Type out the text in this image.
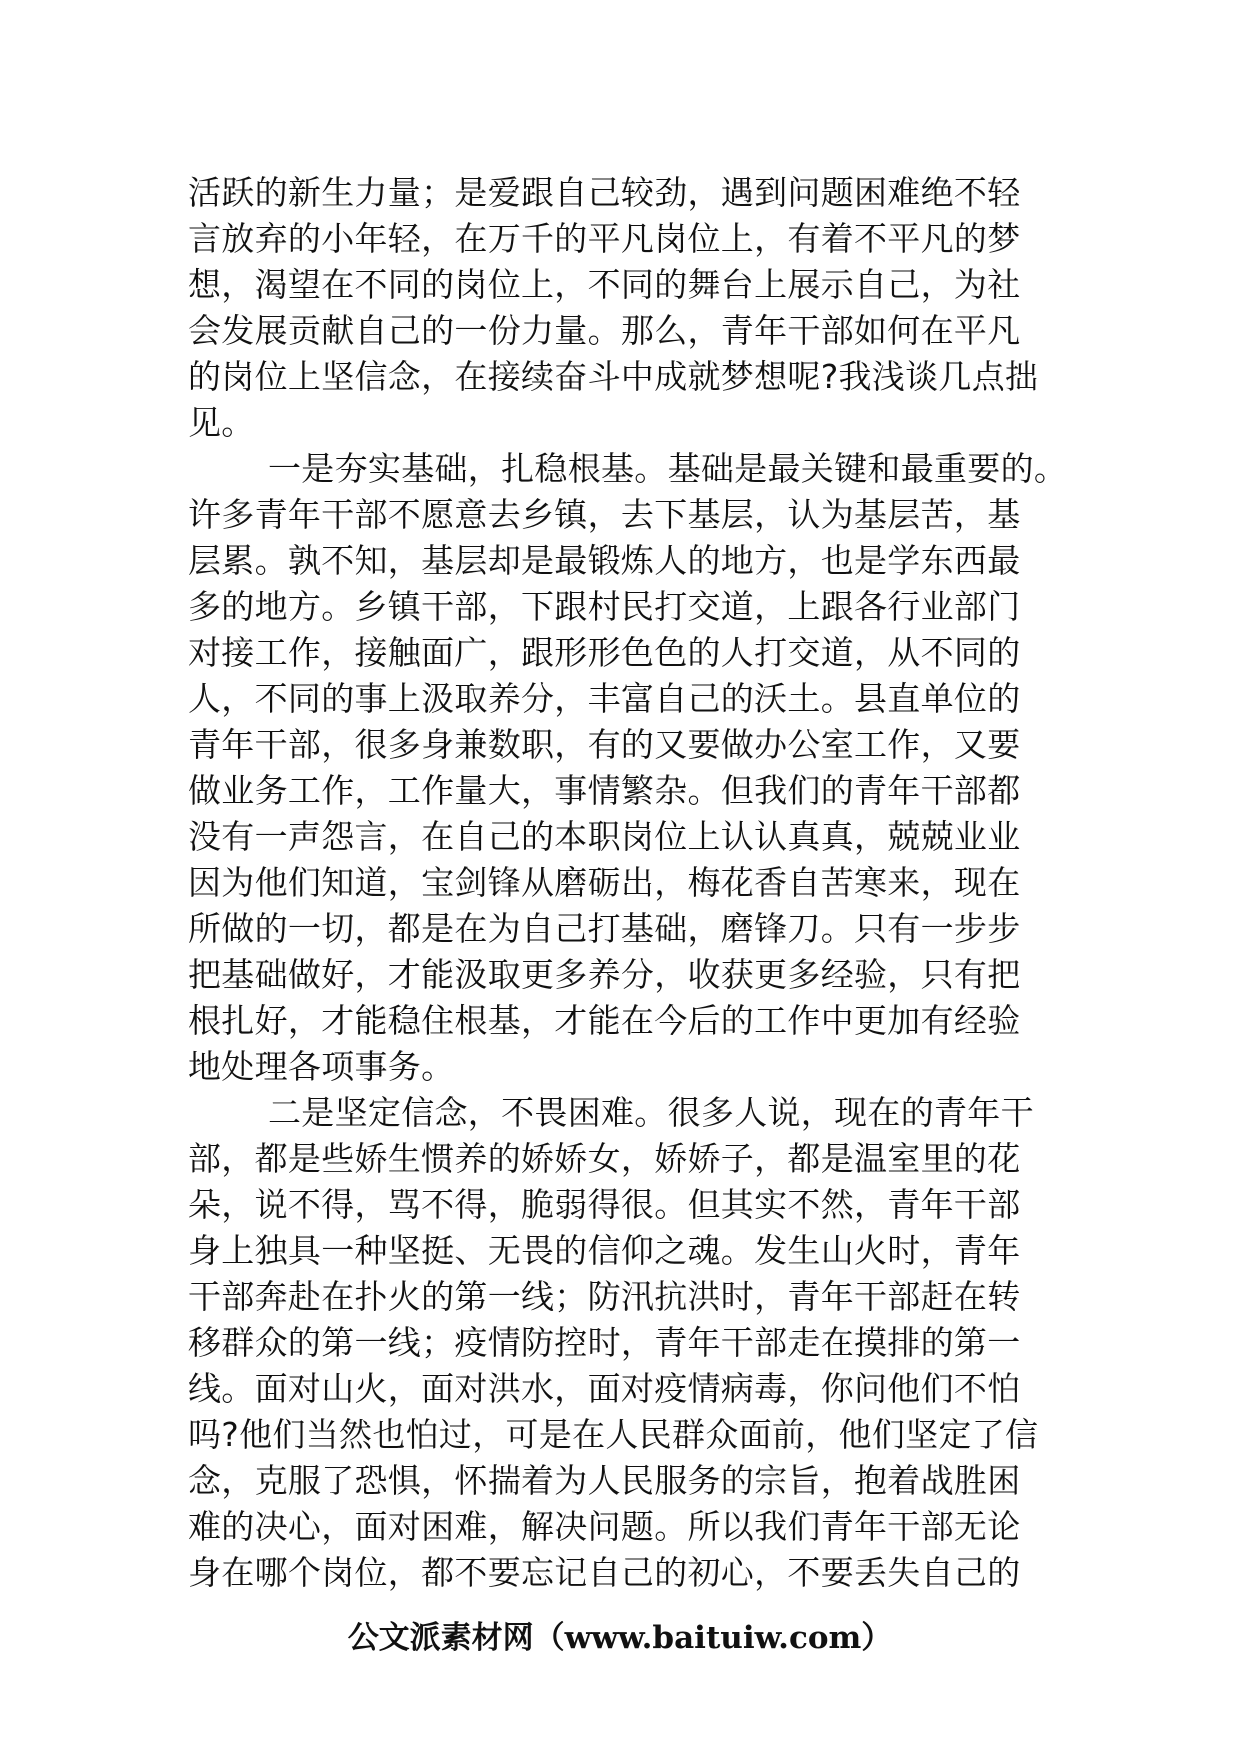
活跃的新生力量；是爱跟自己较劲，遇到问题困难绝不轻
言放弃的小年轻，在万千的平凡岗位上，有着不平凡的梦
想，渴望在不同的岗位上，不同的舞台上展示自己，为社
会发展贡献自己的一份力量。那么，青年干部如何在平凡
的岗位上坚信念，在接续奋斗中成就梦想呢?我浅谈几点拙
见。
一是夯实基础，扎稳根基。基础是最关键和最重要的。
许多青年干部不愿意去乡镇，去下基层，认为基层苦，基
层累。孰不知，基层却是最锻炼人的地方，也是学东西最
多的地方。乡镇干部，下跟村民打交道，上跟各行业部门
对接工作，接触面广，跟形形色色的人打交道，从不同的
人，不同的事上汲取养分，丰富自己的沃土。县直单位的
青年干部，很多身兼数职，有的又要做办公室工作，又要
做业务工作，工作量大，事情繁杂。但我们的青年干部都
没有一声怨言，在自己的本职岗位上认认真真，兢兢业业
因为他们知道，宝剑锋从磨砺出，梅花香自苦寒来，现在
所做的一切，都是在为自己打基础，磨锋刀。只有一步步
把基础做好，才能汲取更多养分，收获更多经验，只有把
根扎好，才能稳住根基，才能在今后的工作中更加有经验
地处理各项事务。
二是坚定信念，不畏困难。很多人说，现在的青年干
部，都是些娇生惯养的娇娇女，娇娇子，都是温室里的花
朵，说不得，骂不得，脆弱得很。但其实不然，青年干部
身上独具一种坚挺、无畏的信仰之魂。发生山火时，青年
干部奔赴在扑火的第一线；防汛抗洪时，青年干部赶在转
移群众的第一线；疫情防控时，青年干部走在摸排的第一
线。面对山火，面对洪水，面对疫情病毒，你问他们不怕
吗?他们当然也怕过，可是在人民群众面前，他们坚定了信
念，克服了恐惧，怀揣着为人民服务的宗旨，抱着战胜困
难的决心，面对困难，解决问题。所以我们青年干部无论
身在哪个岗位，都不要忘记自己的初心，不要丢失自己的
公文派素材网（www.baituiw.com）
